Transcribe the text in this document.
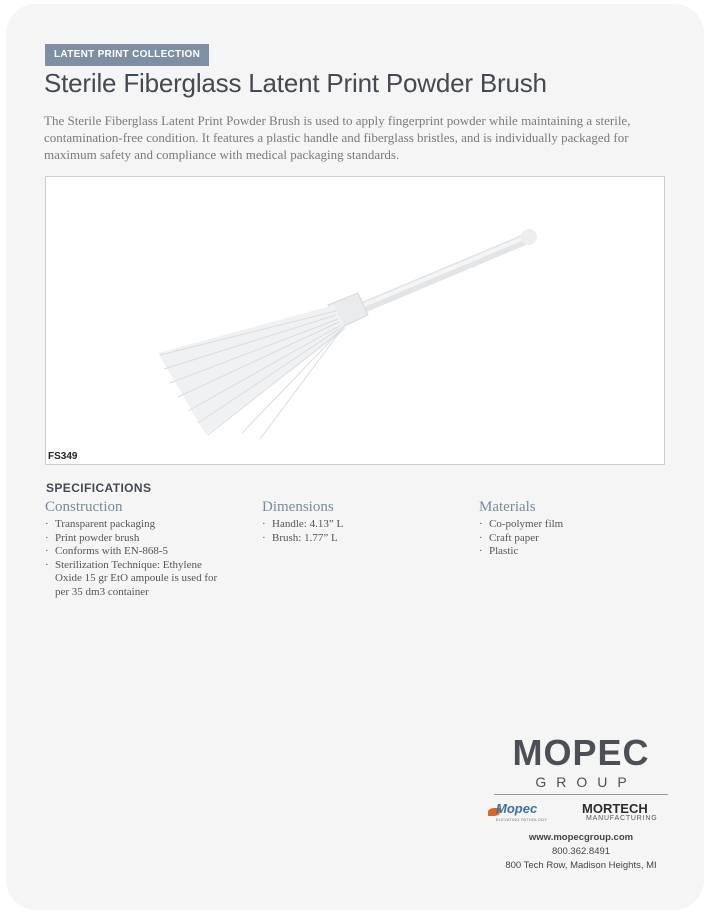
LATENT PRINT COLLECTION
Sterile Fiberglass Latent Print Powder Brush
The Sterile Fiberglass Latent Print Powder Brush is used to apply fingerprint powder while maintaining a sterile, contamination-free condition. It features a plastic handle and fiberglass bristles, and is individually packaged for maximum safety and compliance with medical packaging standards.
FS349
SPECIFICATIONS
Construction
· Transparent packaging
· Print powder brush
· Conforms with EN-868-5
· Sterilization Technique: Ethylene Oxide 15 gr EtO ampoule is used for per 35 dm3 container
Dimensions
· Handle: 4.13” L
· Brush: 1.77” L
Materials
· Co-polymer film
· Craft paper
· Plastic
MOPEC
GROUP
Mopec
ELEVATING PATHOLOGY
MORTECH
MANUFACTURING
www.mopecgroup.com
800.362.8491
800 Tech Row, Madison Heights, MI
